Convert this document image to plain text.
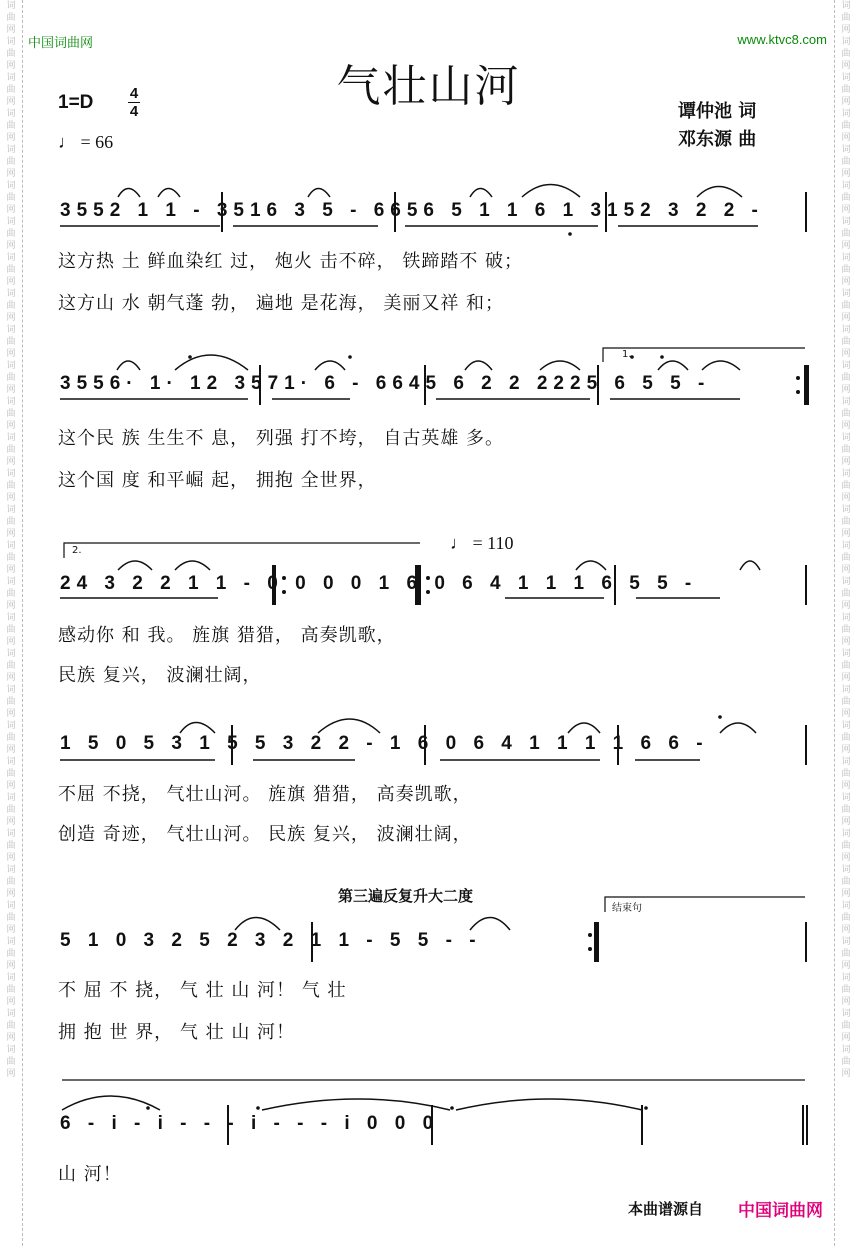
词
曲
网
词
曲
网
词
曲
网
词
曲
网
词
曲
网
词
曲
网
词
曲
网
词
曲
网
词
曲
网
词
曲
网
词
曲
网
词
曲
网
词
曲
网
词
曲
网
词
曲
网
词
曲
网
词
曲
网
词
曲
网
词
曲
网
词
曲
网
词
曲
网
词
曲
网
词
曲
网
词
曲
网
词
曲
网
词
曲
网
词
曲
网
词
曲
网
词
曲
网
词
曲
网
词
曲
网
词
曲
网
词
曲
网
词
曲
网
词
曲
网
词
曲
网
词
曲
网
词
曲
网
词
曲
网
词
曲
网
词
曲
网
词
曲
网
词
曲
网
词
曲
网
词
曲
网
词
曲
网
词
曲
网
词
曲
网
词
曲
网
词
曲
网
词
曲
网
词
曲
网
词
曲
网
词
曲
网
词
曲
网
词
曲
网
词
曲
网
词
曲
网
词
曲
网
词
曲
网
中国词曲网	www.ktvc8.com
气壮山河
1=D 4
4
♩ = 66
谭仲池 词
邓东源 曲
1.
2.	♩ = 110
第三遍反复升大二度
结束句
3552 1 1 - 3516 3 5 - 6656 5 1 1 6 1 3152 3 2 2 -
这方热 土 鲜血染红 过， 炮火 击不碎， 铁蹄踏不 破；
这方山 水 朝气蓬 勃， 遍地 是花海， 美丽又祥 和；
3556· 1· 12 3571· 6 - 6645 6 2 2 2225 6 5 5 -
这个民 族 生生不 息， 列强 打不垮， 自古英雄 多。
这个国 度 和平崛 起， 拥抱 全世界，
24 3 2 2 1 1 - 0 0 0 0 1 6 0 6 4 1 1 1 6 5 5 -
感动你 和 我。 旌旗 猎猎， 高奏凯歌，
民族 复兴， 波澜壮阔，
1 5 0 5 3 1 5 5 3 2 2 - 1 6 0 6 4 1 1 1 1 6 6 -
不屈 不挠， 气壮山河。 旌旗 猎猎， 高奏凯歌，
创造 奇迹， 气壮山河。 民族 复兴， 波澜壮阔，
5 1 0 3 2 5 2 3 2 1 1 - 5 5 - -
不 屈 不 挠， 气 壮 山 河！ 气 壮
拥 抱 世 界， 气 壮 山 河！
6 - i - i - - - i - - - i 0 0 0
山 河！
本曲谱源自 中国词曲网
